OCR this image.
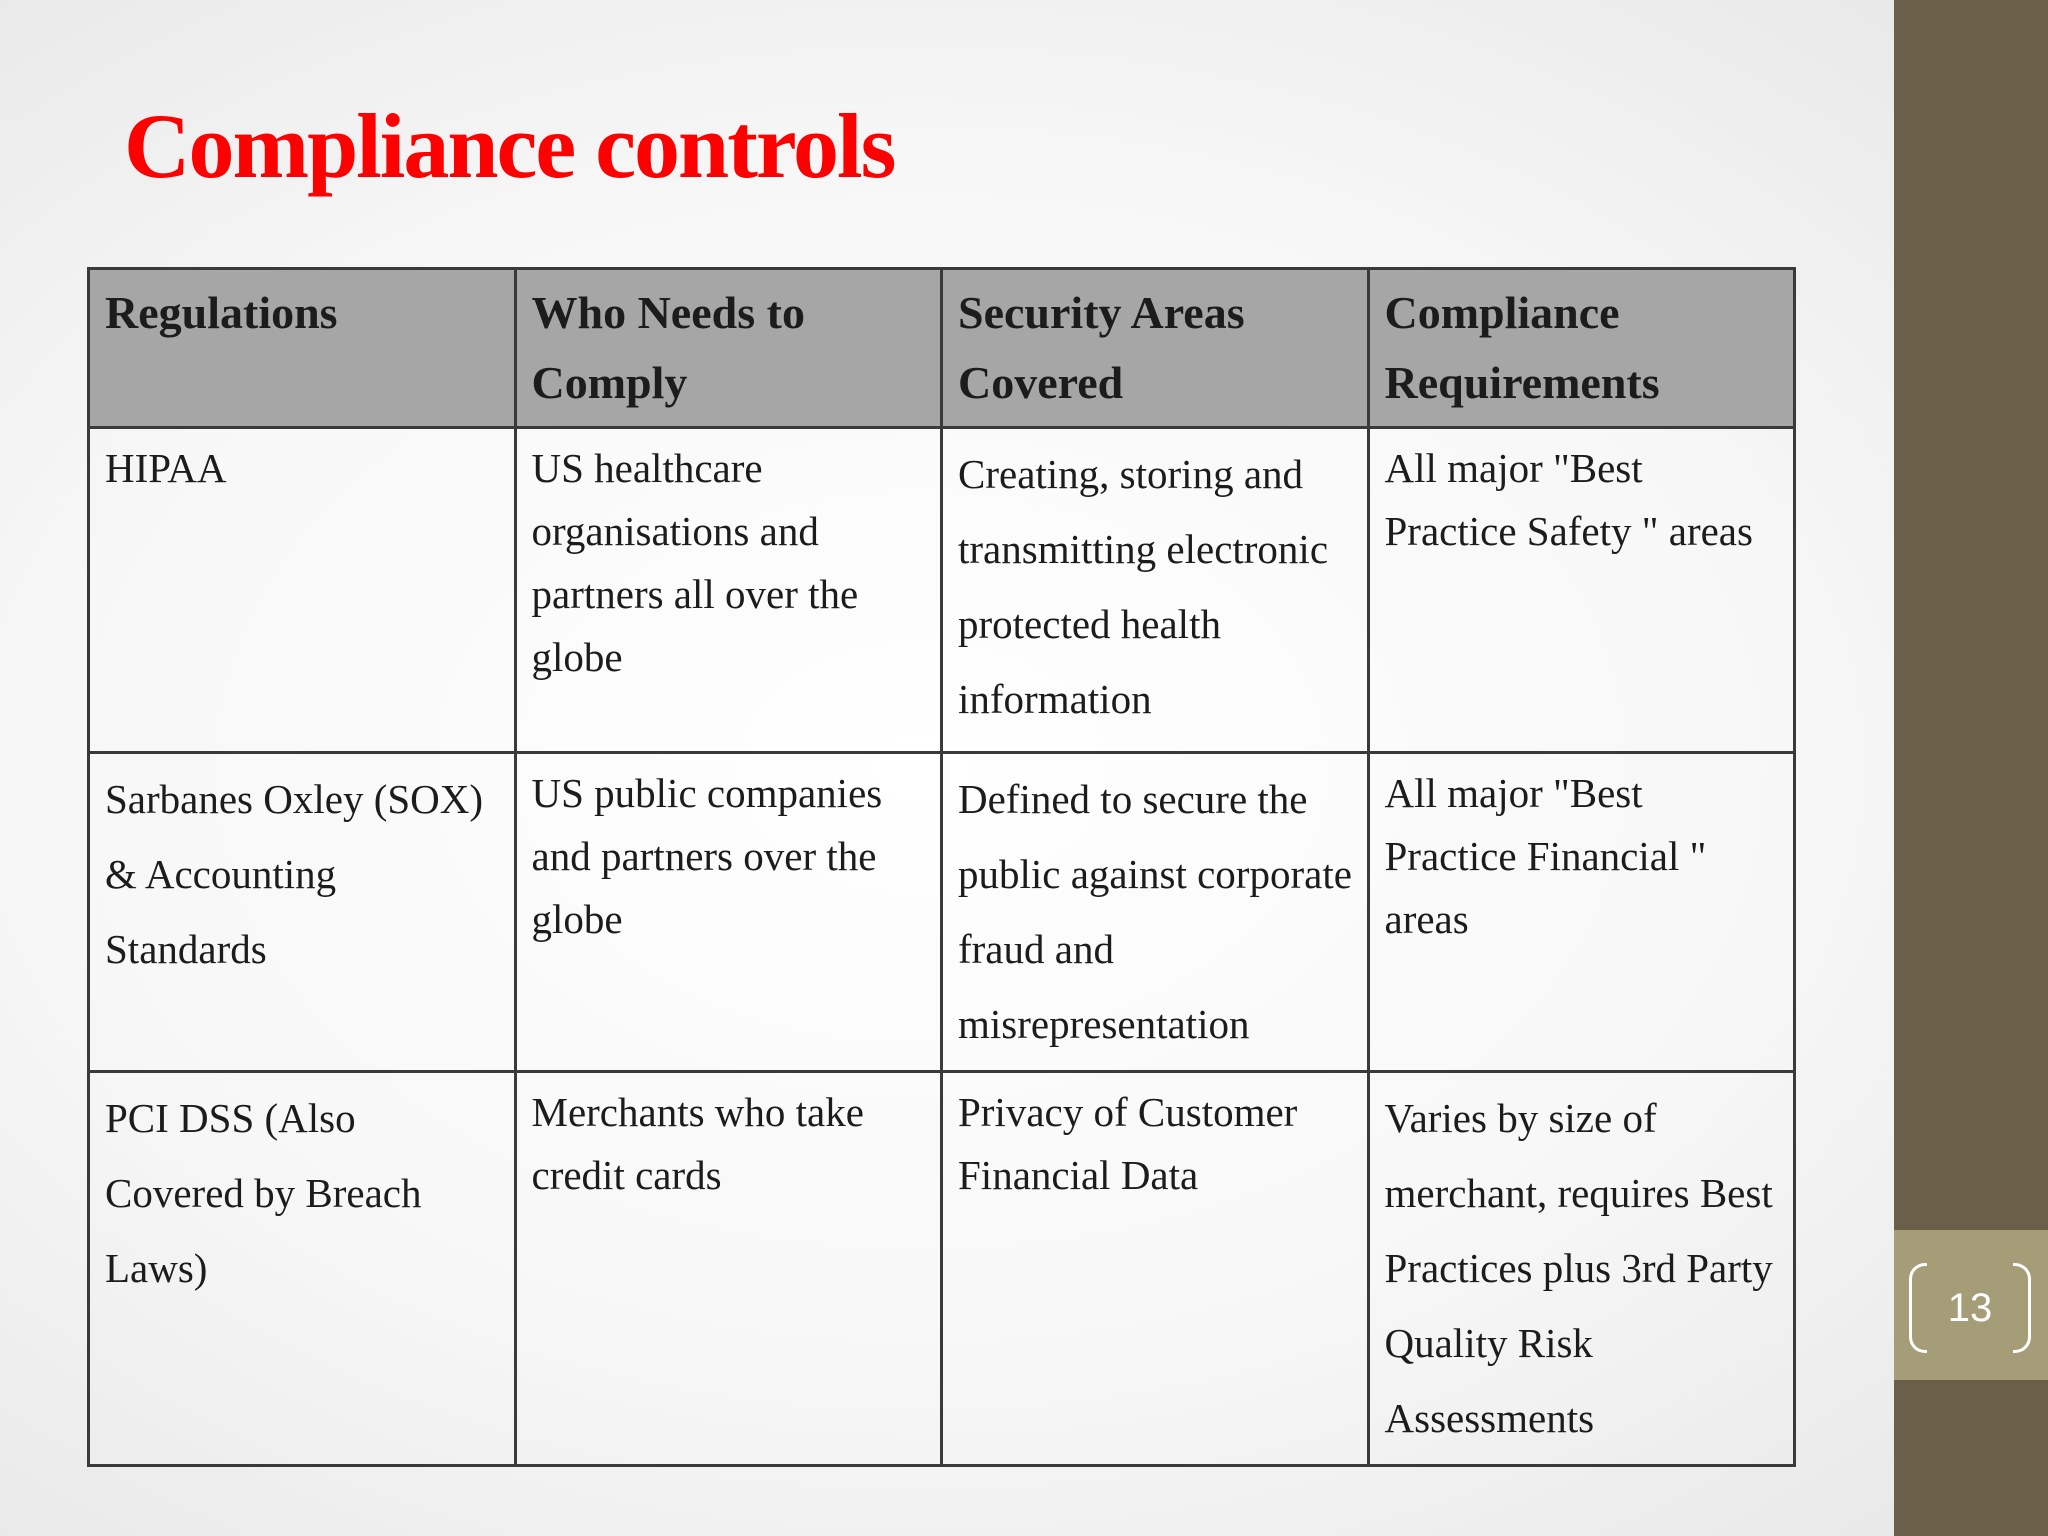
13
Compliance controls
Regulations	Who Needs to Comply	Security Areas Covered	Compliance Requirements
HIPAA	US healthcare organisations and partners all over the globe	Creating, storing and transmitting electronic protected health information	All major "Best Practice Safety " areas
Sarbanes Oxley (SOX) & Accounting Standards	US public companies and partners over the globe	Defined to secure the public against corporate fraud and misrepresentation	All major "Best Practice Financial " areas
PCI DSS (Also Covered by Breach Laws)	Merchants who take credit cards	Privacy of Customer Financial Data	Varies by size of merchant, requires Best Practices plus 3rd Party Quality Risk Assessments
